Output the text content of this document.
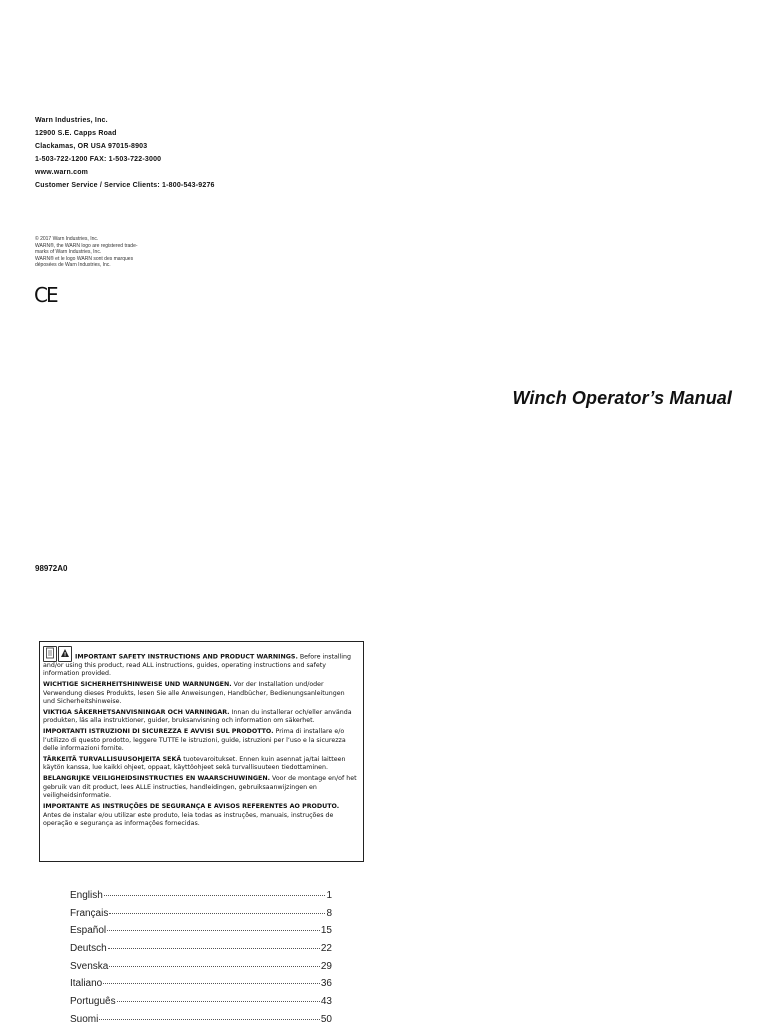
Warn Industries, Inc.
12900 S.E. Capps Road
Clackamas, OR USA 97015-8903
1-503-722-1200 FAX: 1-503-722-3000
www.warn.com
Customer Service / Service Clients: 1-800-543-9276
© 2017 Warn Industries, Inc.
WARN®, the WARN logo are registered trade-
marks of Warn Industries, Inc.
WARN® et le logo WARN sont des marques
déposées de Warn Industries, Inc.
CE
Winch Operator’s Manual
98972A0
IMPORTANT SAFETY INSTRUCTIONS AND PRODUCT WARNINGS. Before installing and/or using this product, read ALL instructions, guides, operating instructions and safety information provided.
WICHTIGE SICHERHEITSHINWEISE UND WARNUNGEN. Vor der Installation und/oder Verwendung dieses Produkts, lesen Sie alle Anweisungen, Handbücher, Bedienungsanleitungen und Sicherheitshinweise.
VIKTIGA SÄKERHETSANVISNINGAR OCH VARNINGAR. Innan du installerar och/eller använda produkten, läs alla instruktioner, guider, bruksanvisning och information om säkerhet.
IMPORTANTI ISTRUZIONI DI SICUREZZA E AVVISI SUL PRODOTTO. Prima di installare e/o l’utilizzo di questo prodotto, leggere TUTTE le istruzioni, guide, istruzioni per l’uso e la sicurezza delle informazioni fornite.
TÄRKEITÄ TURVALLISUUSOHJEITA SEKÄ tuotevaroitukset. Ennen kuin asennat ja/tai laitteen käytön kanssa, lue kaikki ohjeet, oppaat, käyttöohjeet sekä turvallisuuteen tiedottaminen.
BELANGRIJKE VEILIGHEIDSINSTRUCTIES EN WAARSCHUWINGEN. Voor de montage en/of het gebruik van dit product, lees ALLE instructies, handleidingen, gebruiksaanwijzingen en veiligheidsinformatie.
IMPORTANTE AS INSTRUÇÕES DE SEGURANÇA E AVISOS REFERENTES AO PRODUTO. Antes de instalar e/ou utilizar este produto, leia todas as instruções, manuais, instruções de operação e segurança as informações fornecidas.
English	1
Français	8
Español	15
Deutsch	22
Svenska	29
Italiano	36
Português	43
Suomi	50
